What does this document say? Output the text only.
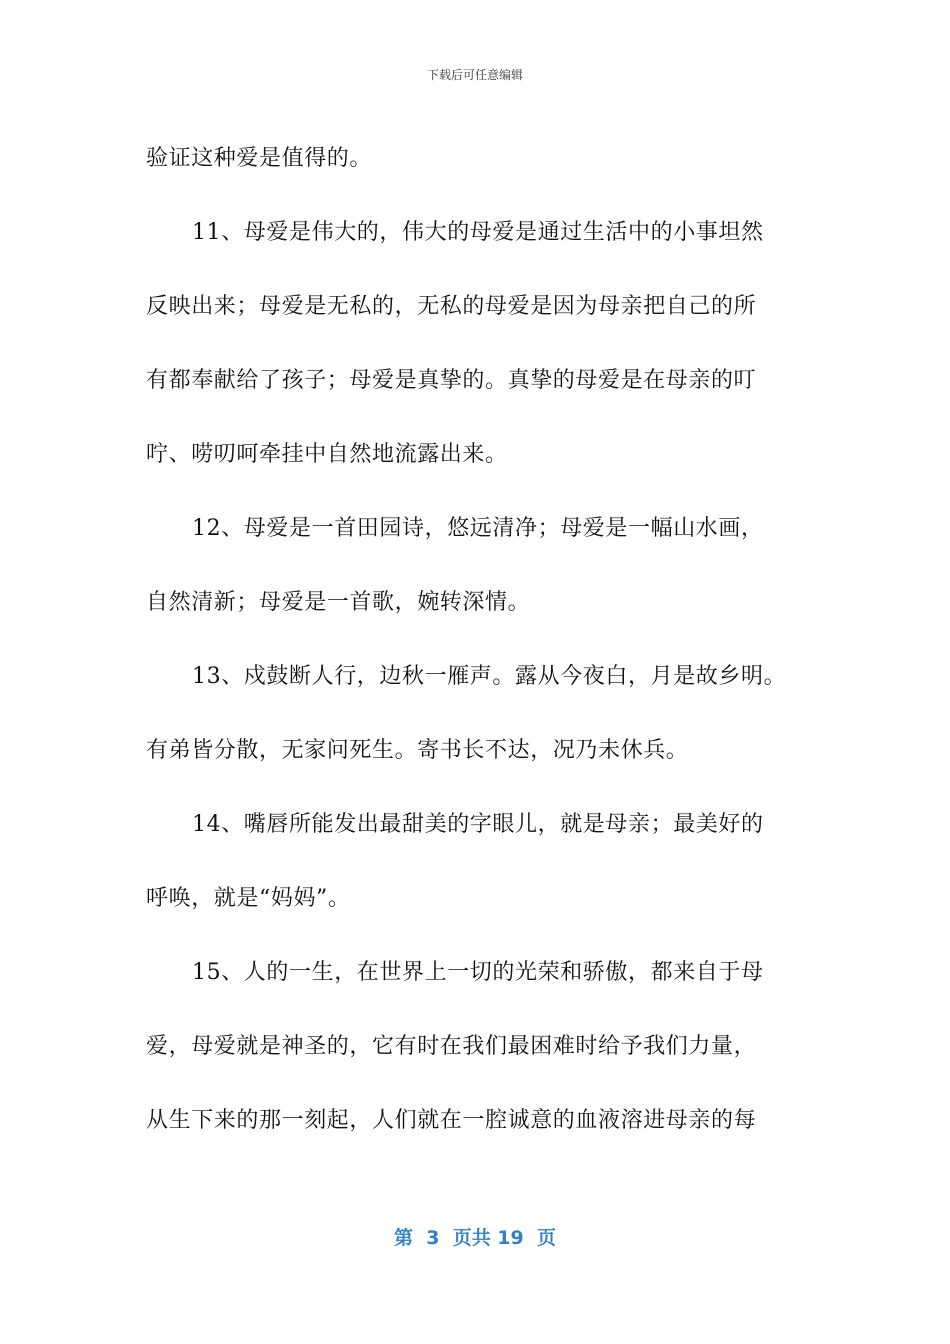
下载后可任意编辑
验证这种爱是值得的。
11、母爱是伟大的，伟大的母爱是通过生活中的小事坦然
反映出来；母爱是无私的，无私的母爱是因为母亲把自己的所
有都奉献给了孩子；母爱是真挚的。真挚的母爱是在母亲的叮
咛、唠叨呵牵挂中自然地流露出来。
12、母爱是一首田园诗，悠远清净；母爱是一幅山水画，
自然清新；母爱是一首歌，婉转深情。
13、戍鼓断人行，边秋一雁声。露从今夜白，月是故乡明。
有弟皆分散，无家问死生。寄书长不达，况乃未休兵。
14、嘴唇所能发出最甜美的字眼儿，就是母亲；最美好的
呼唤，就是“妈妈”。
15、人的一生，在世界上一切的光荣和骄傲，都来自于母
爱，母爱就是神圣的，它有时在我们最困难时给予我们力量，
从生下来的那一刻起，人们就在一腔诚意的血液溶进母亲的每
第  3  页共 19  页
